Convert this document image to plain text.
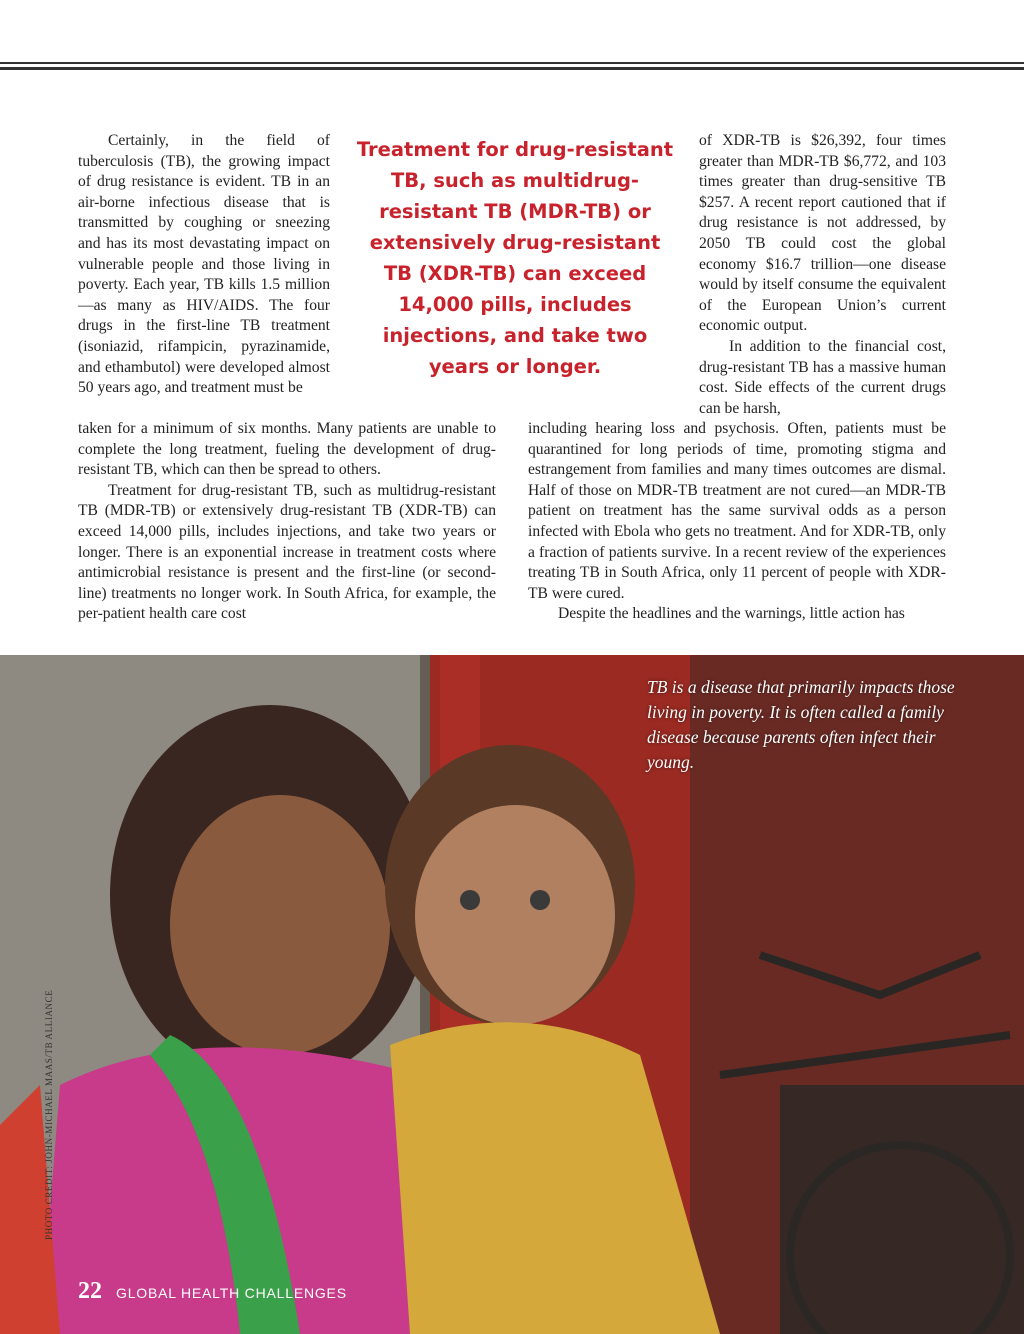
Certainly, in the field of tuberculosis (TB), the growing impact of drug resistance is evident. TB in an air-borne infectious disease that is transmitted by coughing or sneezing and has its most devastating impact on vulnerable people and those living in poverty. Each year, TB kills 1.5 million—as many as HIV/AIDS. The four drugs in the first-line TB treatment (isoniazid, rifampicin, pyrazinamide, and ethambutol) were developed almost 50 years ago, and treatment must be

Treatment for drug-resistant TB, such as multidrug-resistant TB (MDR-TB) or extensively drug-resistant TB (XDR-TB) can exceed 14,000 pills, includes injections, and take two years or longer.

of XDR-TB is $26,392, four times greater than MDR-TB $6,772, and 103 times greater than drug-sensitive TB $257. A recent report cautioned that if drug resistance is not addressed, by 2050 TB could cost the global economy $16.7 trillion—one disease would by itself consume the equivalent of the European Union’s current economic output.

In addition to the financial cost, drug-resistant TB has a massive human cost. Side effects of the current drugs can be harsh,

taken for a minimum of six months. Many patients are unable to complete the long treatment, fueling the development of drug-resistant TB, which can then be spread to others.

Treatment for drug-resistant TB, such as multidrug-resistant TB (MDR-TB) or extensively drug-resistant TB (XDR-TB) can exceed 14,000 pills, includes injections, and take two years or longer. There is an exponential increase in treatment costs where antimicrobial resistance is present and the first-line (or second-line) treatments no longer work. In South Africa, for example, the per-patient health care cost

including hearing loss and psychosis. Often, patients must be quarantined for long periods of time, promoting stigma and estrangement from families and many times outcomes are dismal. Half of those on MDR-TB treatment are not cured—an MDR-TB patient on treatment has the same survival odds as a person infected with Ebola who gets no treatment. And for XDR-TB, only a fraction of patients survive. In a recent review of the experiences treating TB in South Africa, only 11 percent of people with XDR-TB were cured.

Despite the headlines and the warnings, little action has

TB is a disease that primarily impacts those living in poverty. It is often called a family disease because parents often infect their young.
PHOTO CREDIT: JOHN-MICHAEL MAAS/TB ALLIANCE
22 GLOBAL HEALTH CHALLENGES
